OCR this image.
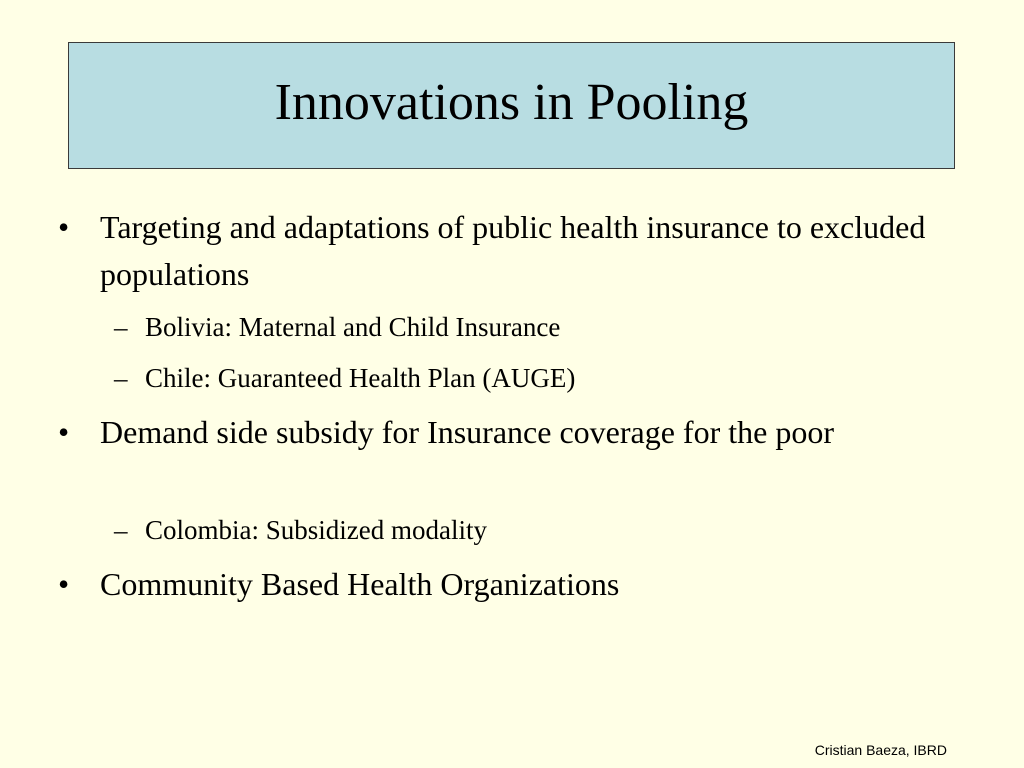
Innovations in Pooling
• Targeting and adaptations of public health insurance to excluded populations
– Bolivia: Maternal and Child Insurance
– Chile: Guaranteed Health Plan (AUGE)
• Demand side subsidy for Insurance coverage for the poor
– Colombia: Subsidized modality
• Community Based Health Organizations
Cristian Baeza, IBRD
